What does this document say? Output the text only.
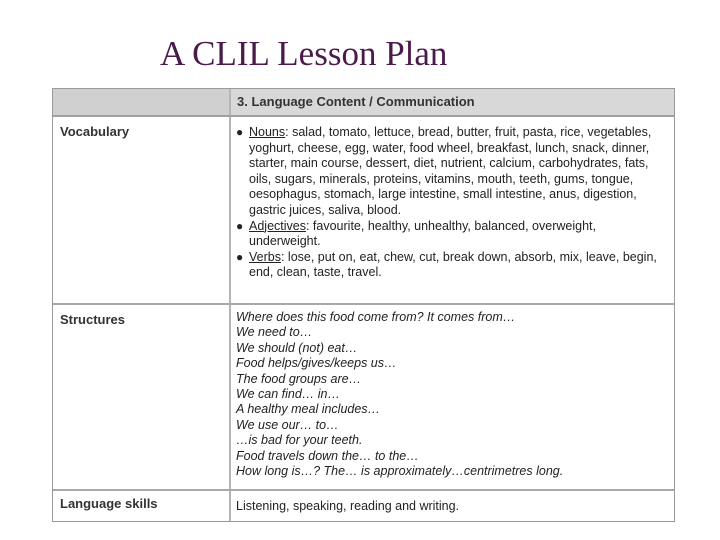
A CLIL Lesson Plan
3. Language Content / Communication
Vocabulary	● Nouns: salad, tomato, lettuce, bread, butter, fruit, pasta, rice, vegetables, yoghurt, cheese, egg, water, food wheel, breakfast, lunch, snack, dinner, starter, main course, dessert, diet, nutrient, calcium, carbohydrates, fats, oils, sugars, minerals, proteins, vitamins, mouth, teeth, gums, tongue, oesophagus, stomach, large intestine, small intestine, anus, digestion, gastric juices, saliva, blood.
● Adjectives: favourite, healthy, unhealthy, balanced, overweight, underweight.
● Verbs: lose, put on, eat, chew, cut, break down, absorb, mix, leave, begin, end, clean, taste, travel.
Structures	Where does this food come from? It comes from…
We need to…
We should (not) eat…
Food helps/gives/keeps us…
The food groups are…
We can find… in…
A healthy meal includes…
We use our… to…
…is bad for your teeth.
Food travels down the… to the…
How long is…? The… is approximately…centrimetres long.
Language skills	Listening, speaking, reading and writing.
